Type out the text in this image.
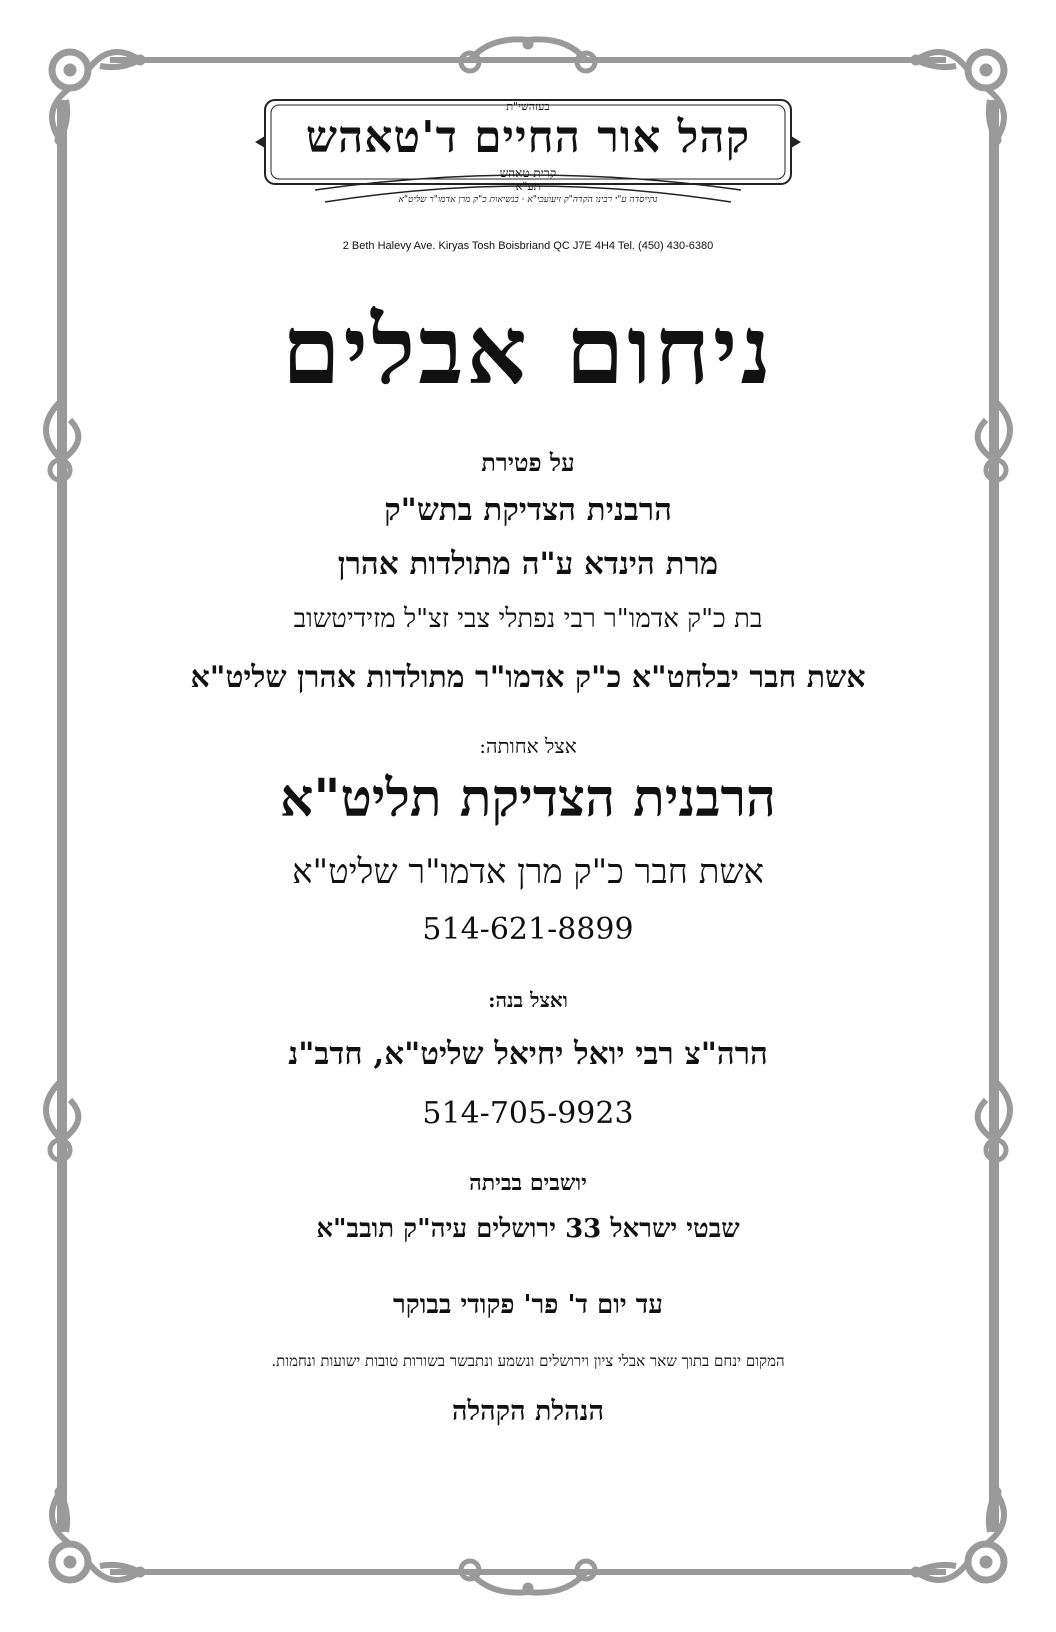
בעזהשי"ת
קהל אור החיים ד'טאהש
קרית טאהש
תע"א
נתייסדה ע"י רבינו הקדה"ק זיעועכי"א · בנשיאות כ"ק מרן אדמו"ר שליט"א
2 Beth Halevy Ave. Kiryas Tosh Boisbriand QC J7E 4H4 Tel. (450) 430-6380
ניחום אבלים
על פטירת
הרבנית הצדיקת בתש"ק
מרת הינדא ע"ה מתולדות אהרן
בת כ"ק אדמו"ר רבי נפתלי צבי זצ"ל מזידיטשוב
אשת חבר יבלחט"א כ"ק אדמו"ר מתולדות אהרן שליט"א
אצל אחותה:
הרבנית הצדיקת תליט"א
אשת חבר כ"ק מרן אדמו"ר שליט"א
514-621-8899
ואצל בנה:
הרה"צ רבי יואל יחיאל שליט"א, חדב"נ
514-705-9923
יושבים בביתה
שבטי ישראל 33 ירושלים עיה"ק תובב"א
עד יום ד' פר' פקודי בבוקר
המקום ינחם בתוך שאר אבלי ציון וירושלים ונשמע ונתבשר בשורות טובות ישועות ונחמות.
הנהלת הקהלה
